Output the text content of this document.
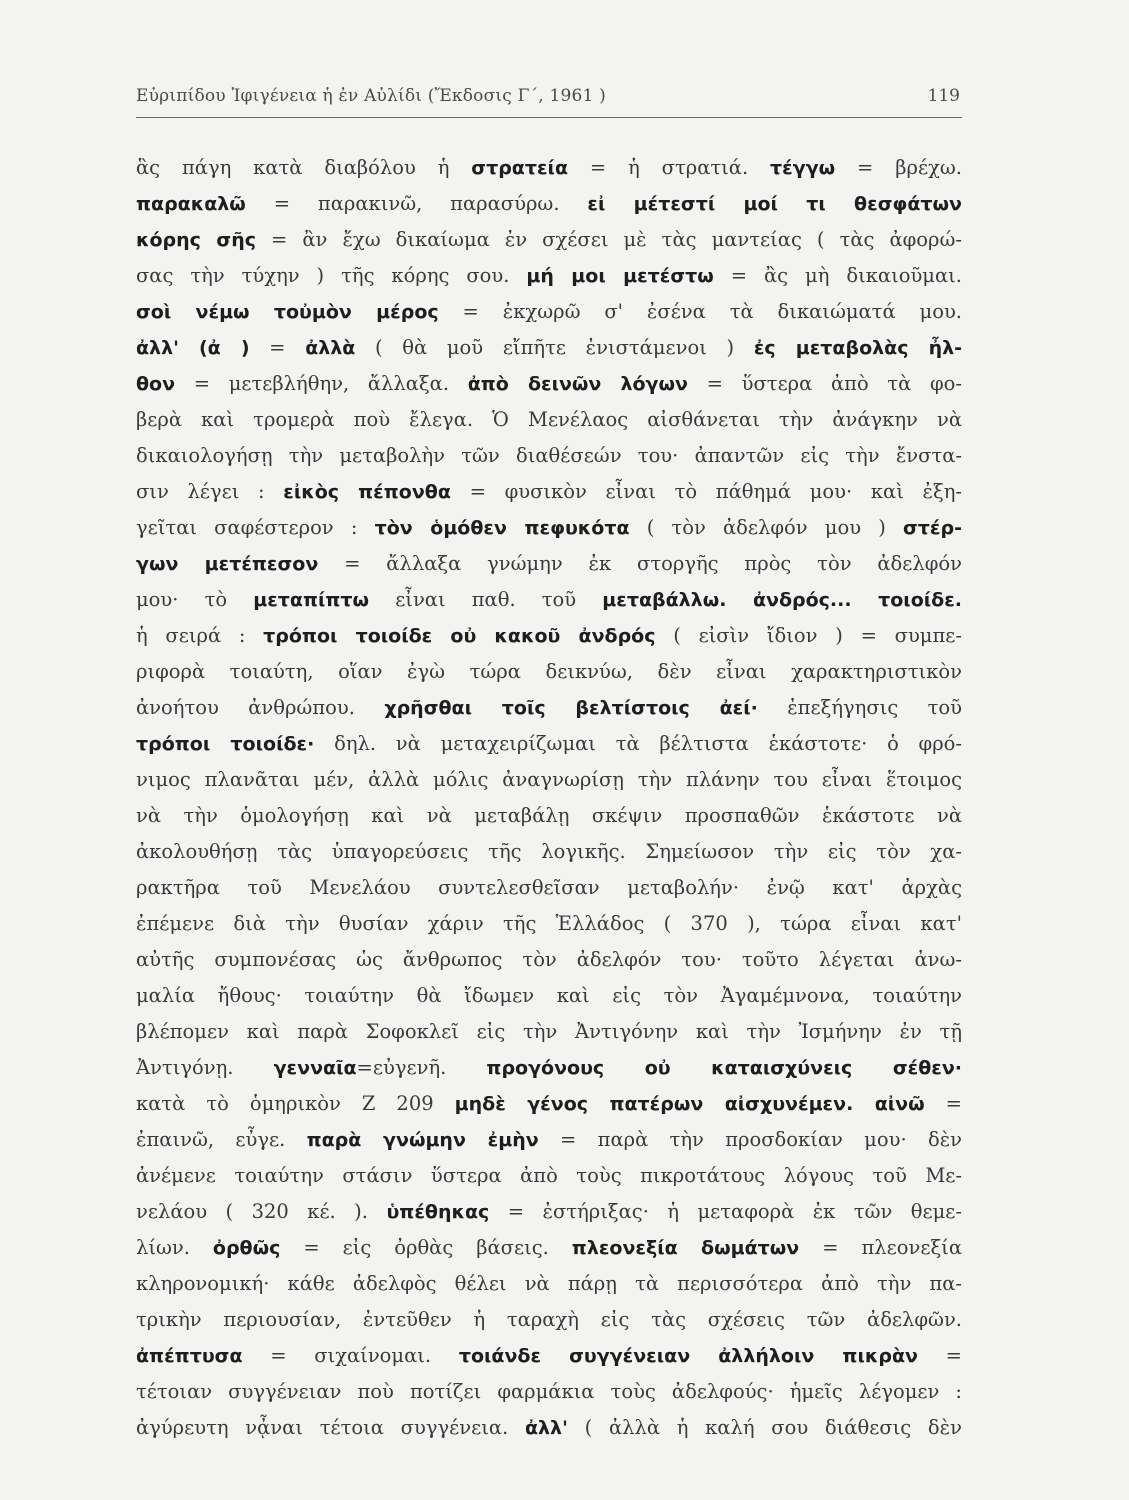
Εὐριπίδου Ἰφιγένεια ἡ ἐν Αὐλίδι (Ἔκδοσις Γ΄, 1961 )	119
ἃς πάγη κατὰ διαβόλου ἡ στρατεία = ἡ στρατιά. τέγγω = βρέχω.
παρακαλῶ = παρακινῶ, παρασύρω. εἰ μέτεστί μοί τι θεσφάτων
κόρης σῆς = ἂν ἔχω δικαίωμα ἐν σχέσει μὲ τὰς μαντείας ( τὰς ἀφορώ-
σας τὴν τύχην ) τῆς κόρης σου. μή μοι μετέστω = ἂς μὴ δικαιοῦμαι.
σοὶ νέμω τοὐμὸν μέρος = ἐκχωρῶ σ' ἐσένα τὰ δικαιώματά μου.
ἀλλ' (ἀ ) = ἀλλὰ ( θὰ μοῦ εἴπῆτε ἐνιστάμενοι ) ἐς μεταβολὰς ἦλ-
θον = μετεβλήθην, ἄλλαξα. ἀπὸ δεινῶν λόγων = ὕστερα ἀπὸ τὰ φο-
βερὰ καὶ τρομερὰ ποὺ ἔλεγα. Ὁ Μενέλαος αἰσθάνεται τὴν ἀνάγκην νὰ
δικαιολογήσῃ τὴν μεταβολὴν τῶν διαθέσεών του· ἀπαντῶν εἰς τὴν ἔνστα-
σιν λέγει : εἰκὸς πέπονθα = φυσικὸν εἶναι τὸ πάθημά μου· καὶ ἐξη-
γεῖται σαφέστερον : τὸν ὁμόθεν πεφυκότα ( τὸν ἀδελφόν μου ) στέρ-
γων μετέπεσον = ἄλλαξα γνώμην ἐκ στοργῆς πρὸς τὸν ἀδελφόν
μου· τὸ μεταπίπτω εἶναι παθ. τοῦ μεταβάλλω. ἀνδρός... τοιοίδε.
ἡ σειρά : τρόποι τοιοίδε οὐ κακοῦ ἀνδρός ( εἰσὶν ἴδιον ) = συμπε-
ριφορὰ τοιαύτη, οἵαν ἐγὼ τώρα δεικνύω, δὲν εἶναι χαρακτηριστικὸν
ἀνοήτου ἀνθρώπου. χρῆσθαι τοῖς βελτίστοις ἀεί· ἐπεξήγησις τοῦ
τρόποι τοιοίδε· δηλ. νὰ μεταχειρίζωμαι τὰ βέλτιστα ἑκάστοτε· ὁ φρό-
νιμος πλανᾶται μέν, ἀλλὰ μόλις ἀναγνωρίσῃ τὴν πλάνην του εἶναι ἕτοιμος
νὰ τὴν ὁμολογήσῃ καὶ νὰ μεταβάλῃ σκέψιν προσπαθῶν ἑκάστοτε νὰ
ἀκολουθήσῃ τὰς ὑπαγορεύσεις τῆς λογικῆς. Σημείωσον τὴν εἰς τὸν χα-
ρακτῆρα τοῦ Μενελάου συντελεσθεῖσαν μεταβολήν· ἐνῷ κατ' ἀρχὰς
ἐπέμενε διὰ τὴν θυσίαν χάριν τῆς Ἑλλάδος ( 370 ), τώρα εἶναι κατ'
αὐτῆς συμπονέσας ὡς ἄνθρωπος τὸν ἀδελφόν του· τοῦτο λέγεται ἀνω-
μαλία ἤθους· τοιαύτην θὰ ἴδωμεν καὶ εἰς τὸν Ἀγαμέμνονα, τοιαύτην
βλέπομεν καὶ παρὰ Σοφοκλεῖ εἰς τὴν Ἀντιγόνην καὶ τὴν Ἰσμήνην ἐν τῇ
Ἀντιγόνῃ. γενναῖα=εὐγενῆ. προγόνους οὐ καταισχύνεις σέθεν·
κατὰ τὸ ὁμηρικὸν Ζ 209 μηδὲ γένος πατέρων αἰσχυνέμεν. αἰνῶ =
ἐπαινῶ, εὖγε. παρὰ γνώμην ἐμὴν = παρὰ τὴν προσδοκίαν μου· δὲν
ἀνέμενε τοιαύτην στάσιν ὕστερα ἀπὸ τοὺς πικροτάτους λόγους τοῦ Με-
νελάου ( 320 κέ. ). ὑπέθηκας = ἐστήριξας· ἡ μεταφορὰ ἐκ τῶν θεμε-
λίων. ὀρθῶς = εἰς ὀρθὰς βάσεις. πλεονεξία δωμάτων = πλεονεξία
κληρονομική· κάθε ἀδελφὸς θέλει νὰ πάρῃ τὰ περισσότερα ἀπὸ τὴν πα-
τρικὴν περιουσίαν, ἐντεῦθεν ἡ ταραχὴ εἰς τὰς σχέσεις τῶν ἀδελφῶν.
ἀπέπτυσα = σιχαίνομαι. τοιάνδε συγγένειαν ἀλλήλοιν πικρὰν =
τέτοιαν συγγένειαν ποὺ ποτίζει φαρμάκια τοὺς ἀδελφούς· ἡμεῖς λέγομεν :
ἀγύρευτη νᾆναι τέτοια συγγένεια. ἀλλ' ( ἀλλὰ ἡ καλή σου διάθεσις δὲν
